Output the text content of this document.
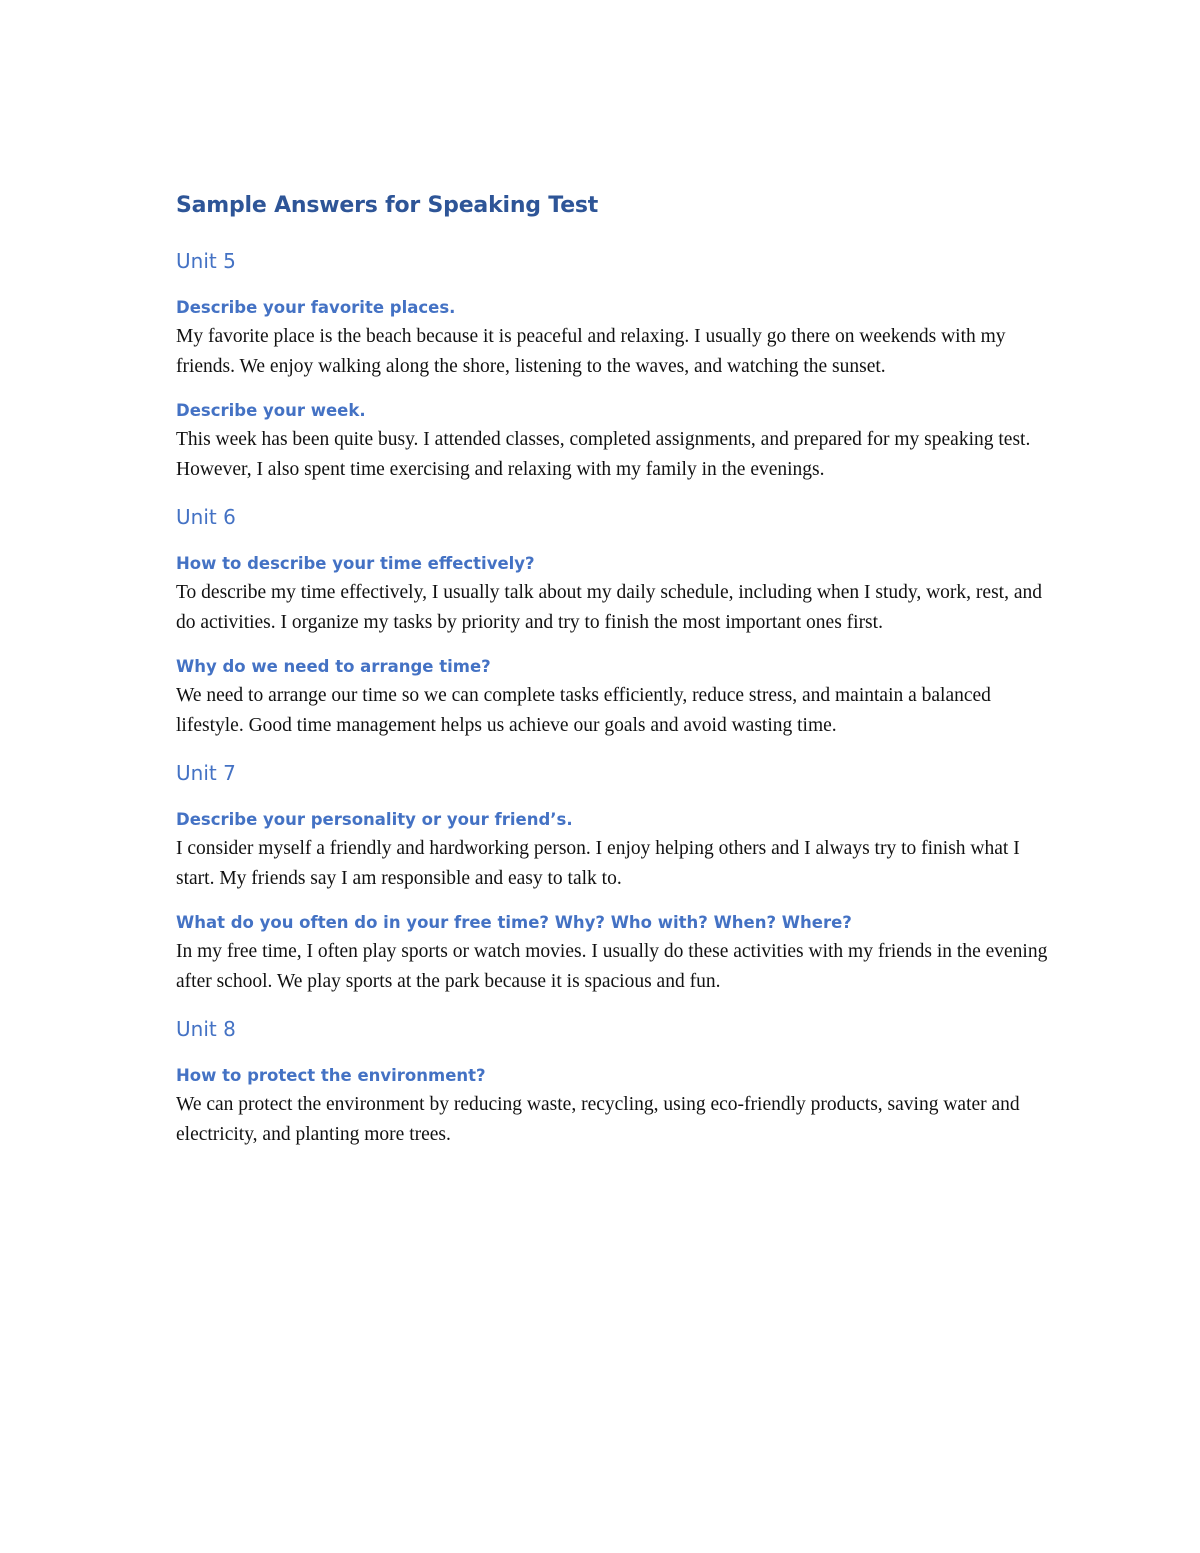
Sample Answers for Speaking Test
Unit 5

Describe your favorite places.

My favorite place is the beach because it is peaceful and relaxing. I usually go there on weekends with my friends. We enjoy walking along the shore, listening to the waves, and watching the sunset.

Describe your week.

This week has been quite busy. I attended classes, completed assignments, and prepared for my speaking test. However, I also spent time exercising and relaxing with my family in the evenings.

Unit 6

How to describe your time effectively?

To describe my time effectively, I usually talk about my daily schedule, including when I study, work, rest, and do activities. I organize my tasks by priority and try to finish the most important ones first.

Why do we need to arrange time?

We need to arrange our time so we can complete tasks efficiently, reduce stress, and maintain a balanced lifestyle. Good time management helps us achieve our goals and avoid wasting time.

Unit 7

Describe your personality or your friend’s.

I consider myself a friendly and hardworking person. I enjoy helping others and I always try to finish what I start. My friends say I am responsible and easy to talk to.

What do you often do in your free time? Why? Who with? When? Where?

In my free time, I often play sports or watch movies. I usually do these activities with my friends in the evening after school. We play sports at the park because it is spacious and fun.

Unit 8

How to protect the environment?

We can protect the environment by reducing waste, recycling, using eco-friendly products, saving water and electricity, and planting more trees.
